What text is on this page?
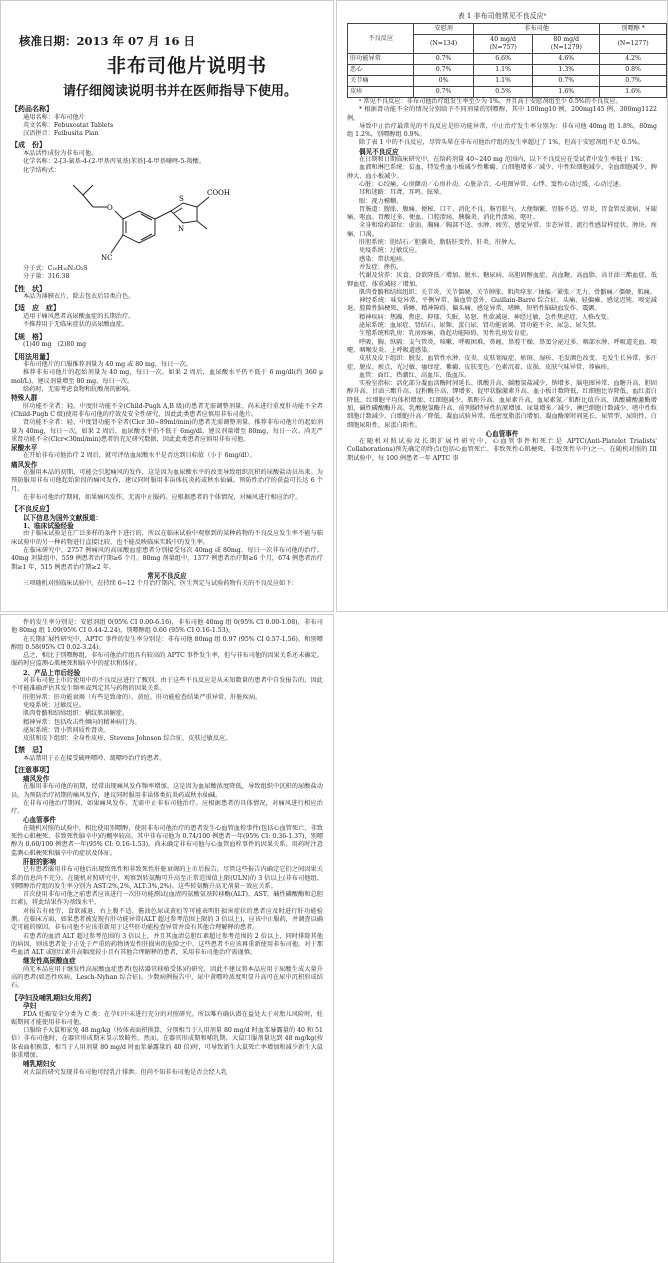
核准日期：2013 年 07 月 16 日
非布司他片说明书
请仔细阅读说明书并在医师指导下使用。
【药品名称】

通用名称：非布司他片

英文名称：Febuxostat Tablets

汉语拼音：Feibusita Pian

【成　份】

本品活性成份为非布司他。

化学名称：2-[3-氰基-4-(2-甲基丙氧基)苯基]-4-甲基噻唑-5-羧酸。

化学结构式：

O
S
N
COOH
NC

分子式：C₁₆H₁₆N₂O₃S

分子量：316.38

【性　状】

本品为薄膜衣片，除去包衣后显类白色。

【适　应　症】

适用于痛风患者高尿酸血症的长期治疗。

不推荐用于无临床症状的高尿酸血症。

【规　格】

(1)40 mg　(2)80 mg

【用法用量】

非布司他片的口服推荐剂量为 40 mg 或 80 mg，每日一次。

推荐非布司他片的起始剂量为 40 mg，每日一次。如果 2 周后，血尿酸水平仍不低于 6 mg/dl(约 360 μ mol/L)，建议剂量增至 80 mg，每日一次。

给药时，无需考虑食物和抗酸剂的影响。

特殊人群

肝功能不全者：轻、中度肝功能不全(Child-Pugh A,B 级)的患者无需调整剂量。尚未进行重度肝功能不全者(Child-Pugh C 级)使用非布司他的疗效及安全性研究，因此此类患者应慎用非布司他片。

肾功能不全者：轻、中度肾功能不全者(Clcr 30~89ml/min)的患者无需调整剂量。推荐非布司他片的起始剂量为 40mg，每日一次。如果 2 周后，血尿酸水平仍不低于 6mg/dl，建议剂量增至 80mg，每日一次。尚无严重肾功能不全(Clcr<30ml/min)患者的充足研究数据，因此此类患者应慎用非布司他。

尿酸水平

在开始非布司他治疗 2 周后，就可评估血尿酸水平是否达到目标值（小于 6mg/dl）。

痛风发作

在服用本品的初期，可能会引起痛风的发作，这是因为血尿酸水平的改变导致组织沉积的尿酸盐动员出来。为预防服用非布司他起始阶段的痛风发作，建议同时服用非甾体抗炎药或秋水仙碱。预防性治疗的获益可长达 6 个月。

在非布司他治疗期间，如果痛风发作，无需中止服药。应根据患者的个体情况，对痛风进行相应治疗。

【不良反应】
以下信息为国外文献报道：
1、临床试验经验

由于临床试验是在广泛多样的条件下进行的，所以在临床试验中观察到的某种药物的不良反应发生率不能与临床试验中的另一种药物进行直接比较，也不能反映临床实践中的发生率。

在临床研究中，2757 例痛风的高尿酸血症患者分别接受每次 40mg 或 80mg，每日一次非布司他的治疗。40mg 剂量组中，559 例患者治疗期≥6 个月。80mg 剂量组中，1377 例患者治疗期≥6 个月，674 例患者治疗期≥1 年，515 例患者治疗期≥2 年。

常见不良反应

三项随机对照临床试验中，在持续 6~12 个月治疗期内，医生判定与试验药物有关的不良反应如下：

表 1 非布司他常见不良反应ᵃ
不良反应	安慰剂	非布司他		别嘌醇 *
	(N=134)	40 mg/d
(N=757)	80 mg/d
(N=1279)	(N=1277)
肝功能异常	0.7%	6.6%	4.6%	4.2%
恶心	0.7%	1.1%	1.3%	0.8%
关节痛	0%	1.1%	0.7%	0.7%
皮疹	0.7%	0.5%	1.6%	1.6%

ᵃ 常见不良反应：非布司他治疗组发生率至少为 1%，并且高于安慰剂组至少 0.5%的不良反应。

* 根据肾功能不全的情况分别给予不同剂量的别嘌醇，其中 100mg10 例，200mg145 例，300mg1122 例。

导致中止治疗最常见的不良反应是肝功能异常，中止治疗发生率分别为：非布司他 40mg 组 1.8%，80mg 组 1.2%，别嘌醇组 0.9%。

除了表 1 中的不良反应，尽管头晕在非布司他治疗组的发生率超过了 1%，但高于安慰剂组不足 0.5%。

偶见不良反应

在日期和日期临床研究中，在给药剂量 40~240 mg 范围内，以下不良反应在受试者中发生率低于 1%：

血液和淋巴系统：贫血、特发性血小板减少性紫癜、白细胞增多／减少、中性粒细胞减少、全血细胞减少、脾肿大、血小板减少。

心脏：心绞痛、心房颤动／心房扑动、心脏杂音、心电图异常、心悸、窦性心动过缓、心动过速。

耳和迷路：耳聋、耳鸣、眩晕。

眼：视力模糊。

胃肠道：腹胀、腹痛、便秘、口干、消化不良、肠胃胀气、大便频繁、胃肠不适、胃炎、胃食管反流病、牙龈痛、呕血、胃酸过多、便血、口腔溃疡、胰腺炎、消化性溃疡、呕吐。

全身和给药部位：虚弱、胸痛／胸部不适、水肿、疲劳、感觉异常、步态异常、流行性感冒样症状、肿块、疼痛、口渴。

肝胆系统：胆结石／胆囊炎、脂肪肝变性、肝炎、肝肿大。

免疫系统：过敏反应。

感染：带状疱疹。

并发症：挫伤。

代谢及营养：厌食、食欲降低／增加、脱水、糖尿病、高胆固醇血症、高血糖、高血脂、高甘油三酯血症、低钾血症、体重减轻／增加。

肌肉骨骼和结缔组织：关节炎、关节僵硬、关节肿胀、肌肉痉挛／抽搐／紧张／无力、骨骼痛／僵硬、肌痛。

神经系统：味觉异常、平衡异常、脑血管意外、Guillain-Barré 综合征、头痛、轻偏瘫、感觉迟钝、嗅觉减退、腔隙性脑梗死、昏睡、精神障碍、偏头痛、感觉异常、嗜睡、短暂性脑缺血发作、震颤。

精神疾病：焦躁、焦虑、抑郁、失眠、易怒、性欲减退、神经过敏、急性焦虑症、人格改变。

泌尿系统：血尿症、肾结石、尿频、蛋白尿、肾功能衰竭、肾功能不全、尿急、尿失禁。

生殖系统和乳房：乳房疼痛、勃起功能障碍、男性乳房发育症。

呼吸、胸、纵隔：支气管炎、咳嗽、呼吸困难、鼻衄、鼻腔干燥、鼻窦分泌过多、咽部水肿、呼吸道充血、喷嚏、咽喉发炎、上呼吸道感染。

皮肤及皮下组织：脱发、血管性水肿、皮炎、皮肤划痕症、瘀斑、湿疹、毛发颜色改变、毛发生长异常、多汗症、脱皮、瘀点、光过敏、瘙痒症、紫癜、皮肤变色／色素沉着、皮损、皮肤气味异常、荨麻疹。

血管：面红、热潮红、高血压、低血压。

实验室指标：活化部分凝血活酶时间延长、肌酸升高、碳酸氢盐减少、钠增多、脑电图异常、血糖升高、胆固醇升高、甘油三酯升高、淀粉酶升高、钾增多、促甲状腺激素升高、血小板计数降低、红细胞比容降低、血红蛋白降低、红细胞平均体积增加、红细胞减少、肌酐升高、血尿素升高、血尿素氮／肌酐比值升高、肌酸磷酸激酶增加、碱性磷酸酶升高、乳酸脱氢酶升高、前列腺特异性抗原增加、尿量增多／减少、淋巴细胞计数减少、嗜中性粒细胞计数减少、白细胞升高／降低、凝血试验异常、低密度脂蛋白增加、凝血酶原时间延长、尿管型、尿阳性、白细胞尿阳性、尿蛋白阳性。

心血管事件

在随机对照试验及长期扩展性研究中，心血管事件和死亡是 APTC(Anti-Platelet Trialists' Collaborations)预先确定的终点(包括心血管死亡、非致死性心肌梗死、非致死性卒中)之一。在随机对照的 III 期试验中，每 100 例患者一年 APTC 事

件的发生率分别是：安慰剂组 0(95% CI 0.00-6.16)，非布司他 40mg 组 0(95% CI 0.00-1.08)，非布司他 80mg 组 1.09(95% CI 0.44-2.24)，别嘌醇组 0.60 (95% CI 0.16-1.53)。

在长期扩展性研究中，APTC 事件的发生率分别是：非布司他 80mg 组 0.97 (95% CI 0.57-1.56)，和别嘌醇组 0.58(95% CI 0.02-3.24)。

总之，相比于别嘌醇组，非布司他治疗组具有较高的 APTC 事件发生率，但与非布司他的因果关系还未确定。服药时应监测心肌梗死和脑卒中的症状和体征。

2、产品上市后经验

对非布司他上市后使用中的不良反应进行了甄别。由于这些不良反应是从未知数量的患者中自发报告的，因此不可能准确评估其发生频率或判定其与药物的因果关系。

肝胆异常：肝功能衰竭（有些是致命的）、黄疸、肝功能检查结果严重异常、肝脏疾病。

免疫系统：过敏反应。

肌肉骨骼和结缔组织：横纹肌溶解症。

精神异常：包括攻击性倾向的精神病行为。

泌尿系统：肾小管间质性肾炎。

皮肤和皮下组织：全身性皮疹、Stevens Johnson 综合征、皮肤过敏反应。

【禁　忌】

本品禁用于正在接受硫唑嘌呤、巯嘌呤治疗的患者。

【注意事项】
痛风发作

在服用非布司他的初期，经常出现痛风发作频率增加。这是因为血尿酸浓度降低，导致组织中沉积的尿酸盐动员。为预防治疗初期的痛风发作，建议同时服用非甾体类抗炎药或秋水仙碱。

在非布司他治疗期间，如果痛风发作，无需中止非布司他治疗。应根据患者的具体情况，对痛风进行相应治疗。

心血管事件

在随机对照的试验中，相比使用别嘌醇，使用非布司他治疗的患者发生心血管血栓事件(包括心血管死亡、非致死性心肌梗死、非致死性脑卒中)的概率较高，其中非布司他为 0.74/100 例患者一年(95% CI: 0.36-1.37)，别嘌醇为 0.60/100 例患者一年(95% CI: 0.16-1.53)。尚未确定非布司他与心血管血栓事件的因果关系。用药时注意监测心肌梗死和脑卒中的症状及体征。

肝脏的影响

已有患者服用非布司他后出现致死性和非致死性肝脏衰竭的上市后报告，尽管这些报告内确定它们之间因果关系的信息尚不充分。在随机对照研究中，观察到转氨酶可升高至正常范围值上限(ULN)的 3 倍以上(非布司他组、别嘌醇治疗组的发生率分别为 AST:2%,2%, ALT:3%,2%)。这些转氨酶升高无剂量－效应关系。

首次使用非布司他之前患者应该进行一次肝功能测试(血清丙氨酸氨基转移酶(ALT)、AST、碱性磷酸酶和总胆红素)，将此结果作为基线水平。

对报告有疲劳、食欲减退、右上腹不适、酱油色尿或黄疸等可能表明肝损害症状的患者应及时进行肝功能检测。在临床方面，如果患者被发现有肝功能异常(ALT 超过参考范围上限的 3 倍以上)，应该中止服药，并调查以确定可能的原因。非布司他不应该重新用于这些肝功能检查异常并没有其他合理解释的患者。

若患者的血清 ALT 超过参考范围的 3 倍以上，并且其血清总胆红素超过参考范围的 2 倍以上，同时排除其他的病因，则该患者处于正处于严重的药物诱发性肝损害的危险之中，这些患者不应该再重新使用非布司他。对于那些血清 ALT 或胆红素升高幅度较小且有其他合理解释的患者，采用非布司他治疗需谨慎。

继发性高尿酸血症

尚无本品应用于继发性高尿酸血症患者(包括器官移植受体)的研究，因此不建议将本品应用于尿酸生成大量升高的患者(如恶性疾病、Lesch-Nyhan 综合征)。少数病例报告中，尿中黄嘌呤浓度明显升高可在尿中沉积形成结石。

【孕妇及哺乳期妇女用药】
孕妇

FDA 妊娠安全分类为 C 类：在孕妇中未进行充分的对照研究。所以唯有确认潜在益处大于对胎儿风险时，妊娠期间才能使用非布司他。

口服给予大鼠和家兔 48 mg/kg（按体表面积换算，分别相当于人用剂量 80 mg/d 时血浆暴露量的 40 和 51 倍）非布司他时，在器官形成期未显示致畸性。然而，在器官形成期和哺乳期，大鼠口服剂量达到 48 mg/kg(按体表面积换算，相当于人用剂量 80 mg/d 时血浆暴露量的 40 倍)时，可导致新生大鼠死亡率增加和减少新生大鼠体重增加。

哺乳期妇女

对大鼠的研究发现非布司他可经乳汁排泄。但尚不知非布司他是否会经人乳
